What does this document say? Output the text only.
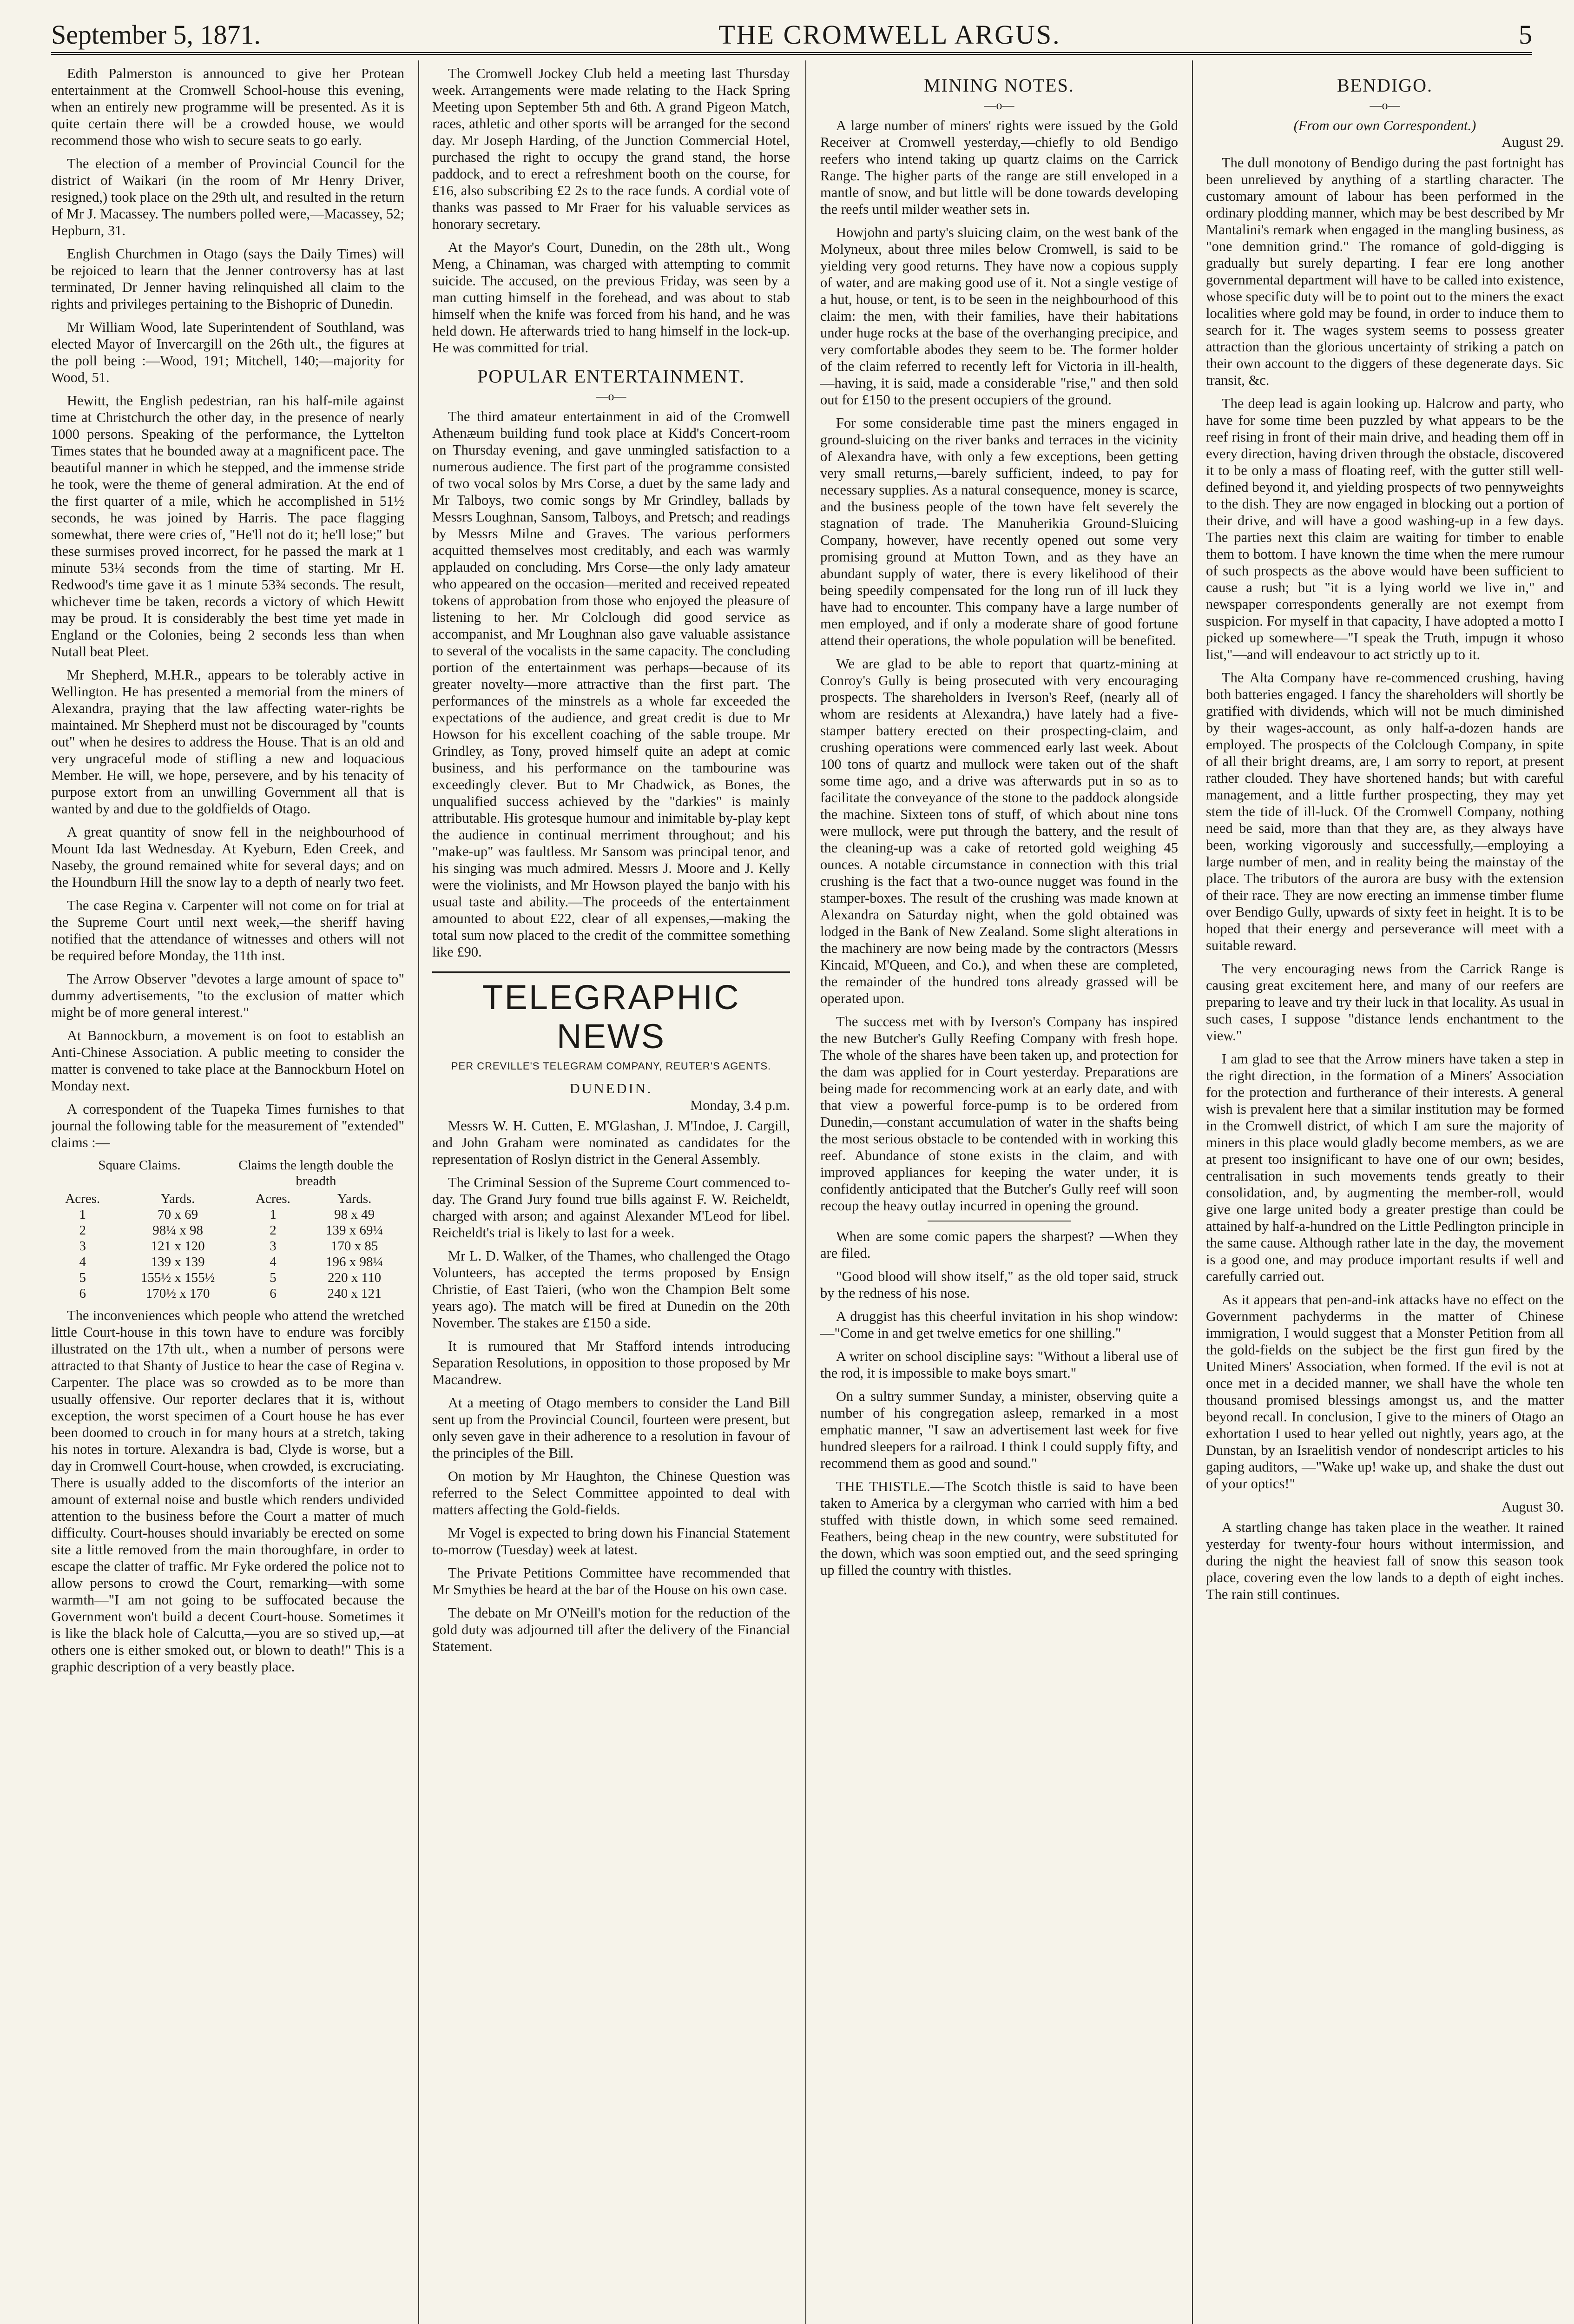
September 5, 1871.	THE CROMWELL ARGUS.	5

Edith Palmerston is announced to give her Protean entertainment at the Cromwell School-house this evening, when an entirely new programme will be presented. As it is quite certain there will be a crowded house, we would recommend those who wish to secure seats to go early.

The election of a member of Provincial Council for the district of Waikari (in the room of Mr Henry Driver, resigned,) took place on the 29th ult, and resulted in the return of Mr J. Macassey. The numbers polled were,—Macassey, 52; Hepburn, 31.

English Churchmen in Otago (says the Daily Times) will be rejoiced to learn that the Jenner controversy has at last terminated, Dr Jenner having relinquished all claim to the rights and privileges pertaining to the Bishopric of Dunedin.

Mr William Wood, late Superintendent of Southland, was elected Mayor of Invercargill on the 26th ult., the figures at the poll being :—Wood, 191; Mitchell, 140;—majority for Wood, 51.

Hewitt, the English pedestrian, ran his half-mile against time at Christchurch the other day, in the presence of nearly 1000 persons. Speaking of the performance, the Lyttelton Times states that he bounded away at a magnificent pace. The beautiful manner in which he stepped, and the immense stride he took, were the theme of general admiration. At the end of the first quarter of a mile, which he accomplished in 51½ seconds, he was joined by Harris. The pace flagging somewhat, there were cries of, "He'll not do it; he'll lose;" but these surmises proved incorrect, for he passed the mark at 1 minute 53¼ seconds from the time of starting. Mr H. Redwood's time gave it as 1 minute 53¾ seconds. The result, whichever time be taken, records a victory of which Hewitt may be proud. It is considerably the best time yet made in England or the Colonies, being 2 seconds less than when Nutall beat Pleet.

Mr Shepherd, M.H.R., appears to be tolerably active in Wellington. He has presented a memorial from the miners of Alexandra, praying that the law affecting water-rights be maintained. Mr Shepherd must not be discouraged by "counts out" when he desires to address the House. That is an old and very ungraceful mode of stifling a new and loquacious Member. He will, we hope, persevere, and by his tenacity of purpose extort from an unwilling Government all that is wanted by and due to the goldfields of Otago.

A great quantity of snow fell in the neighbourhood of Mount Ida last Wednesday. At Kyeburn, Eden Creek, and Naseby, the ground remained white for several days; and on the Houndburn Hill the snow lay to a depth of nearly two feet.

The case Regina v. Carpenter will not come on for trial at the Supreme Court until next week,—the sheriff having notified that the attendance of witnesses and others will not be required before Monday, the 11th inst.

The Arrow Observer "devotes a large amount of space to" dummy advertisements, "to the exclusion of matter which might be of more general interest."

At Bannockburn, a movement is on foot to establish an Anti-Chinese Association. A public meeting to consider the matter is convened to take place at the Bannockburn Hotel on Monday next.

A correspondent of the Tuapeka Times furnishes to that journal the following table for the measurement of "extended" claims :—

Square Claims.	Claims the length double the breadth
Acres.	Yards.	Acres.	Yards.
1	70 x 69	1	98 x 49
2	98¼ x 98	2	139 x 69¼
3	121 x 120	3	170 x 85
4	139 x 139	4	196 x 98¼
5	155½ x 155½	5	220 x 110
6	170½ x 170	6	240 x 121

The inconveniences which people who attend the wretched little Court-house in this town have to endure was forcibly illustrated on the 17th ult., when a number of persons were attracted to that Shanty of Justice to hear the case of Regina v. Carpenter. The place was so crowded as to be more than usually offensive. Our reporter declares that it is, without exception, the worst specimen of a Court house he has ever been doomed to crouch in for many hours at a stretch, taking his notes in torture. Alexandra is bad, Clyde is worse, but a day in Cromwell Court-house, when crowded, is excruciating. There is usually added to the discomforts of the interior an amount of external noise and bustle which renders undivided attention to the business before the Court a matter of much difficulty. Court-houses should invariably be erected on some site a little removed from the main thoroughfare, in order to escape the clatter of traffic. Mr Fyke ordered the police not to allow persons to crowd the Court, remarking—with some warmth—"I am not going to be suffocated because the Government won't build a decent Court-house. Sometimes it is like the black hole of Calcutta,—you are so stived up,—at others one is either smoked out, or blown to death!" This is a graphic description of a very beastly place.

The Cromwell Jockey Club held a meeting last Thursday week. Arrangements were made relating to the Hack Spring Meeting upon September 5th and 6th. A grand Pigeon Match, races, athletic and other sports will be arranged for the second day. Mr Joseph Harding, of the Junction Commercial Hotel, purchased the right to occupy the grand stand, the horse paddock, and to erect a refreshment booth on the course, for £16, also subscribing £2 2s to the race funds. A cordial vote of thanks was passed to Mr Fraer for his valuable services as honorary secretary.

At the Mayor's Court, Dunedin, on the 28th ult., Wong Meng, a Chinaman, was charged with attempting to commit suicide. The accused, on the previous Friday, was seen by a man cutting himself in the forehead, and was about to stab himself when the knife was forced from his hand, and he was held down. He afterwards tried to hang himself in the lock-up. He was committed for trial.

POPULAR ENTERTAINMENT.
—o—

The third amateur entertainment in aid of the Cromwell Athenæum building fund took place at Kidd's Concert-room on Thursday evening, and gave unmingled satisfaction to a numerous audience. The first part of the programme consisted of two vocal solos by Mrs Corse, a duet by the same lady and Mr Talboys, two comic songs by Mr Grindley, ballads by Messrs Loughnan, Sansom, Talboys, and Pretsch; and readings by Messrs Milne and Graves. The various performers acquitted themselves most creditably, and each was warmly applauded on concluding. Mrs Corse—the only lady amateur who appeared on the occasion—merited and received repeated tokens of approbation from those who enjoyed the pleasure of listening to her. Mr Colclough did good service as accompanist, and Mr Loughnan also gave valuable assistance to several of the vocalists in the same capacity. The concluding portion of the entertainment was perhaps—because of its greater novelty—more attractive than the first part. The performances of the minstrels as a whole far exceeded the expectations of the audience, and great credit is due to Mr Howson for his excellent coaching of the sable troupe. Mr Grindley, as Tony, proved himself quite an adept at comic business, and his performance on the tambourine was exceedingly clever. But to Mr Chadwick, as Bones, the unqualified success achieved by the "darkies" is mainly attributable. His grotesque humour and inimitable by-play kept the audience in continual merriment throughout; and his "make-up" was faultless. Mr Sansom was principal tenor, and his singing was much admired. Messrs J. Moore and J. Kelly were the violinists, and Mr Howson played the banjo with his usual taste and ability.—The proceeds of the entertainment amounted to about £22, clear of all expenses,—making the total sum now placed to the credit of the committee something like £90.

TELEGRAPHIC NEWS
PER CREVILLE'S TELEGRAM COMPANY, REUTER'S AGENTS.
DUNEDIN.
Monday, 3.4 p.m.

Messrs W. H. Cutten, E. M'Glashan, J. M'Indoe, J. Cargill, and John Graham were nominated as candidates for the representation of Roslyn district in the General Assembly.

The Criminal Session of the Supreme Court commenced to-day. The Grand Jury found true bills against F. W. Reicheldt, charged with arson; and against Alexander M'Leod for libel. Reicheldt's trial is likely to last for a week.

Mr L. D. Walker, of the Thames, who challenged the Otago Volunteers, has accepted the terms proposed by Ensign Christie, of East Taieri, (who won the Champion Belt some years ago). The match will be fired at Dunedin on the 20th November. The stakes are £150 a side.

It is rumoured that Mr Stafford intends introducing Separation Resolutions, in opposition to those proposed by Mr Macandrew.

At a meeting of Otago members to consider the Land Bill sent up from the Provincial Council, fourteen were present, but only seven gave in their adherence to a resolution in favour of the principles of the Bill.

On motion by Mr Haughton, the Chinese Question was referred to the Select Committee appointed to deal with matters affecting the Gold-fields.

Mr Vogel is expected to bring down his Financial Statement to-morrow (Tuesday) week at latest.

The Private Petitions Committee have recommended that Mr Smythies be heard at the bar of the House on his own case.

The debate on Mr O'Neill's motion for the reduction of the gold duty was adjourned till after the delivery of the Financial Statement.

MINING NOTES.
—o—

A large number of miners' rights were issued by the Gold Receiver at Cromwell yesterday,—chiefly to old Bendigo reefers who intend taking up quartz claims on the Carrick Range. The higher parts of the range are still enveloped in a mantle of snow, and but little will be done towards developing the reefs until milder weather sets in.

Howjohn and party's sluicing claim, on the west bank of the Molyneux, about three miles below Cromwell, is said to be yielding very good returns. They have now a copious supply of water, and are making good use of it. Not a single vestige of a hut, house, or tent, is to be seen in the neighbourhood of this claim: the men, with their families, have their habitations under huge rocks at the base of the overhanging precipice, and very comfortable abodes they seem to be. The former holder of the claim referred to recently left for Victoria in ill-health,—having, it is said, made a considerable "rise," and then sold out for £150 to the present occupiers of the ground.

For some considerable time past the miners engaged in ground-sluicing on the river banks and terraces in the vicinity of Alexandra have, with only a few exceptions, been getting very small returns,—barely sufficient, indeed, to pay for necessary supplies. As a natural consequence, money is scarce, and the business people of the town have felt severely the stagnation of trade. The Manuherikia Ground-Sluicing Company, however, have recently opened out some very promising ground at Mutton Town, and as they have an abundant supply of water, there is every likelihood of their being speedily compensated for the long run of ill luck they have had to encounter. This company have a large number of men employed, and if only a moderate share of good fortune attend their operations, the whole population will be benefited.

We are glad to be able to report that quartz-mining at Conroy's Gully is being prosecuted with very encouraging prospects. The shareholders in Iverson's Reef, (nearly all of whom are residents at Alexandra,) have lately had a five-stamper battery erected on their prospecting-claim, and crushing operations were commenced early last week. About 100 tons of quartz and mullock were taken out of the shaft some time ago, and a drive was afterwards put in so as to facilitate the conveyance of the stone to the paddock alongside the machine. Sixteen tons of stuff, of which about nine tons were mullock, were put through the battery, and the result of the cleaning-up was a cake of retorted gold weighing 45 ounces. A notable circumstance in connection with this trial crushing is the fact that a two-ounce nugget was found in the stamper-boxes. The result of the crushing was made known at Alexandra on Saturday night, when the gold obtained was lodged in the Bank of New Zealand. Some slight alterations in the machinery are now being made by the contractors (Messrs Kincaid, M'Queen, and Co.), and when these are completed, the remainder of the hundred tons already grassed will be operated upon.

The success met with by Iverson's Company has inspired the new Butcher's Gully Reefing Company with fresh hope. The whole of the shares have been taken up, and protection for the dam was applied for in Court yesterday. Preparations are being made for recommencing work at an early date, and with that view a powerful force-pump is to be ordered from Dunedin,—constant accumulation of water in the shafts being the most serious obstacle to be contended with in working this reef. Abundance of stone exists in the claim, and with improved appliances for keeping the water under, it is confidently anticipated that the Butcher's Gully reef will soon recoup the heavy outlay incurred in opening the ground.

When are some comic papers the sharpest? —When they are filed.

"Good blood will show itself," as the old toper said, struck by the redness of his nose.

A druggist has this cheerful invitation in his shop window:—"Come in and get twelve emetics for one shilling."

A writer on school discipline says: "Without a liberal use of the rod, it is impossible to make boys smart."

On a sultry summer Sunday, a minister, observing quite a number of his congregation asleep, remarked in a most emphatic manner, "I saw an advertisement last week for five hundred sleepers for a railroad. I think I could supply fifty, and recommend them as good and sound."

THE THISTLE.—The Scotch thistle is said to have been taken to America by a clergyman who carried with him a bed stuffed with thistle down, in which some seed remained. Feathers, being cheap in the new country, were substituted for the down, which was soon emptied out, and the seed springing up filled the country with thistles.

BENDIGO.
—o—
(From our own Correspondent.)
August 29.

The dull monotony of Bendigo during the past fortnight has been unrelieved by anything of a startling character. The customary amount of labour has been performed in the ordinary plodding manner, which may be best described by Mr Mantalini's remark when engaged in the mangling business, as "one demnition grind." The romance of gold-digging is gradually but surely departing. I fear ere long another governmental department will have to be called into existence, whose specific duty will be to point out to the miners the exact localities where gold may be found, in order to induce them to search for it. The wages system seems to possess greater attraction than the glorious uncertainty of striking a patch on their own account to the diggers of these degenerate days. Sic transit, &c.

The deep lead is again looking up. Halcrow and party, who have for some time been puzzled by what appears to be the reef rising in front of their main drive, and heading them off in every direction, having driven through the obstacle, discovered it to be only a mass of floating reef, with the gutter still well-defined beyond it, and yielding prospects of two pennyweights to the dish. They are now engaged in blocking out a portion of their drive, and will have a good washing-up in a few days. The parties next this claim are waiting for timber to enable them to bottom. I have known the time when the mere rumour of such prospects as the above would have been sufficient to cause a rush; but "it is a lying world we live in," and newspaper correspondents generally are not exempt from suspicion. For myself in that capacity, I have adopted a motto I picked up somewhere—"I speak the Truth, impugn it whoso list,"—and will endeavour to act strictly up to it.

The Alta Company have re-commenced crushing, having both batteries engaged. I fancy the shareholders will shortly be gratified with dividends, which will not be much diminished by their wages-account, as only half-a-dozen hands are employed. The prospects of the Colclough Company, in spite of all their bright dreams, are, I am sorry to report, at present rather clouded. They have shortened hands; but with careful management, and a little further prospecting, they may yet stem the tide of ill-luck. Of the Cromwell Company, nothing need be said, more than that they are, as they always have been, working vigorously and successfully,—employing a large number of men, and in reality being the mainstay of the place. The tributors of the aurora are busy with the extension of their race. They are now erecting an immense timber flume over Bendigo Gully, upwards of sixty feet in height. It is to be hoped that their energy and perseverance will meet with a suitable reward.

The very encouraging news from the Carrick Range is causing great excitement here, and many of our reefers are preparing to leave and try their luck in that locality. As usual in such cases, I suppose "distance lends enchantment to the view."

I am glad to see that the Arrow miners have taken a step in the right direction, in the formation of a Miners' Association for the protection and furtherance of their interests. A general wish is prevalent here that a similar institution may be formed in the Cromwell district, of which I am sure the majority of miners in this place would gladly become members, as we are at present too insignificant to have one of our own; besides, centralisation in such movements tends greatly to their consolidation, and, by augmenting the member-roll, would give one large united body a greater prestige than could be attained by half-a-hundred on the Little Pedlington principle in the same cause. Although rather late in the day, the movement is a good one, and may produce important results if well and carefully carried out.

As it appears that pen-and-ink attacks have no effect on the Government pachyderms in the matter of Chinese immigration, I would suggest that a Monster Petition from all the gold-fields on the subject be the first gun fired by the United Miners' Association, when formed. If the evil is not at once met in a decided manner, we shall have the whole ten thousand promised blessings amongst us, and the matter beyond recall. In conclusion, I give to the miners of Otago an exhortation I used to hear yelled out nightly, years ago, at the Dunstan, by an Israelitish vendor of nondescript articles to his gaping auditors, —"Wake up! wake up, and shake the dust out of your optics!"

August 30.

A startling change has taken place in the weather. It rained yesterday for twenty-four hours without intermission, and during the night the heaviest fall of snow this season took place, covering even the low lands to a depth of eight inches. The rain still continues.
